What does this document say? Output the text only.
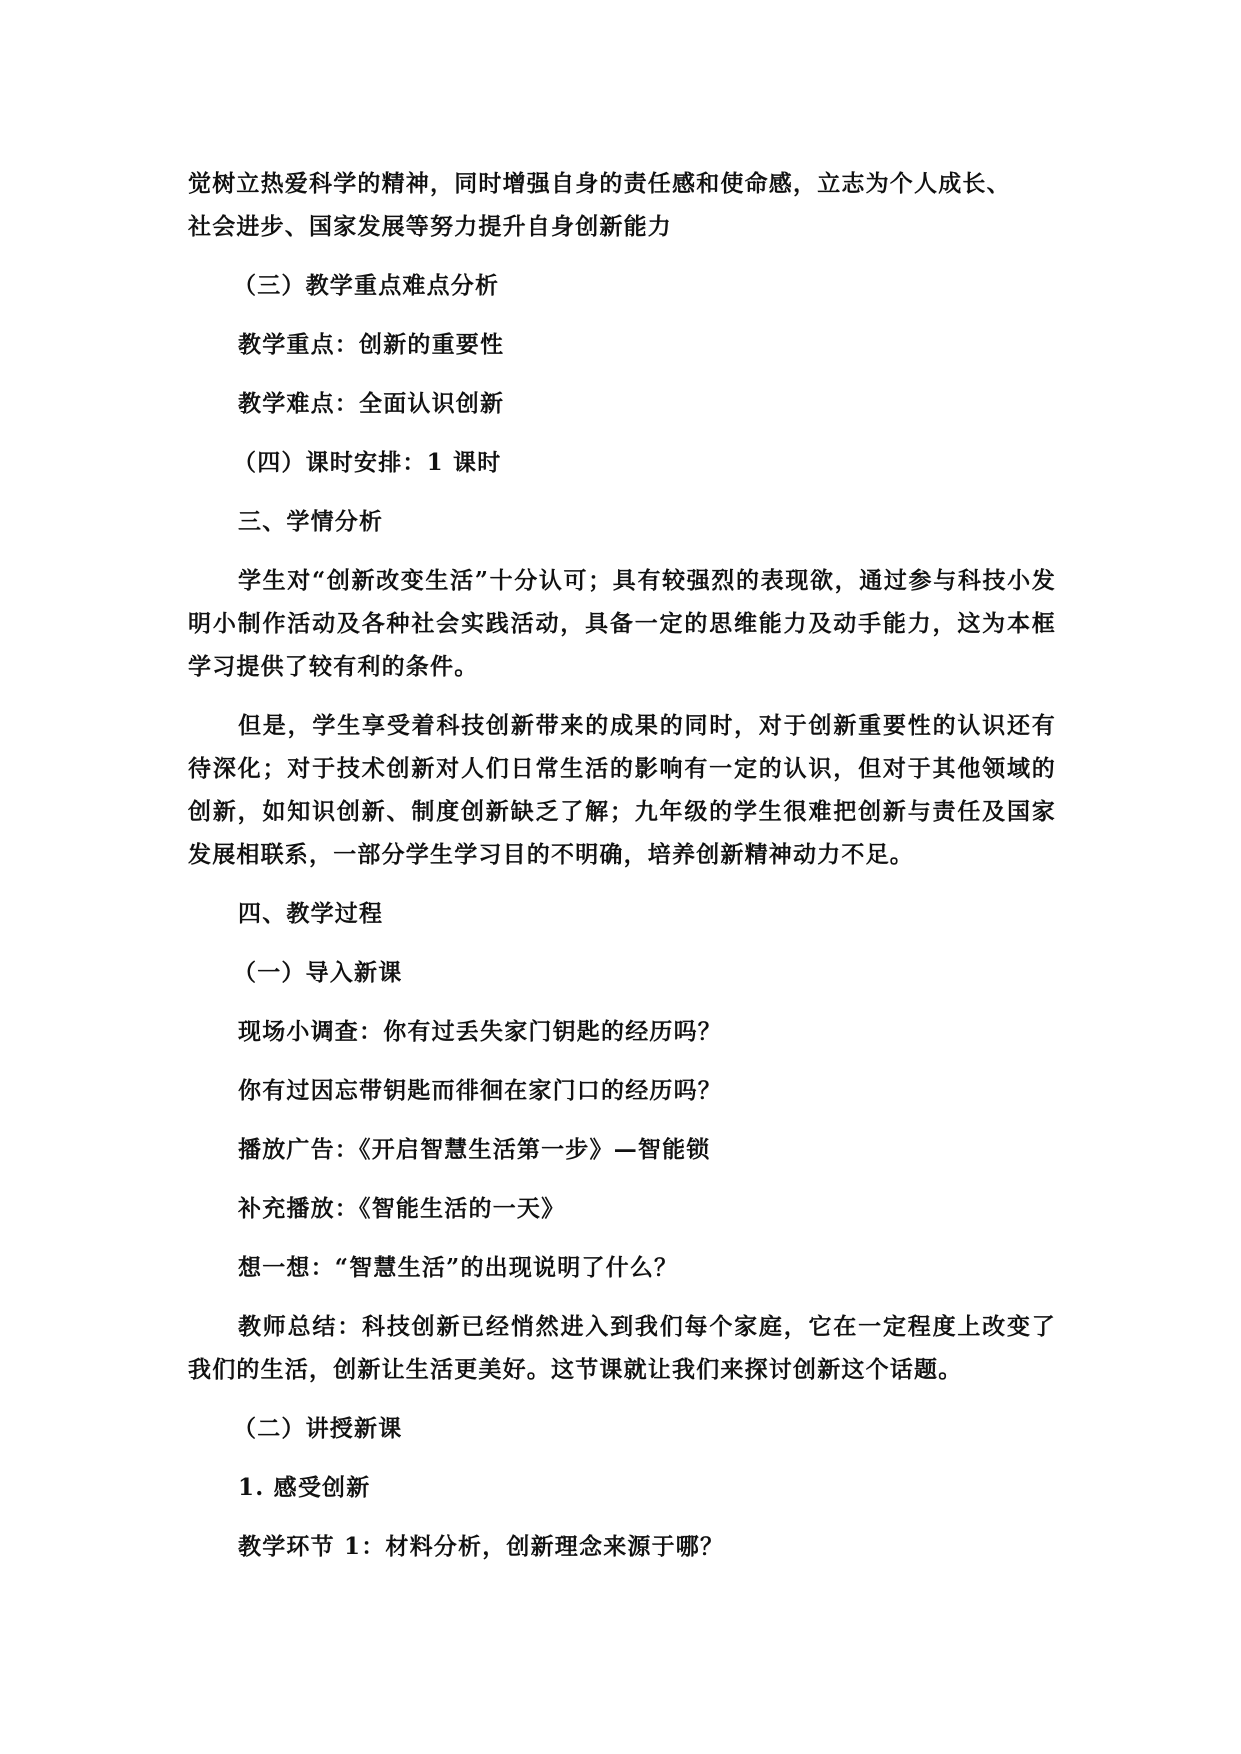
觉树立热爱科学的精神，同时增强自身的责任感和使命感，立志为个人成长、
社会进步、国家发展等努力提升自身创新能力
（三）教学重点难点分析
教学重点：创新的重要性
教学难点：全面认识创新
（四）课时安排：1 课时
三、学情分析

学生对“创新改变生活”十分认可；具有较强烈的表现欲，通过参与科技小发明小制作活动及各种社会实践活动，具备一定的思维能力及动手能力，这为本框学习提供了较有利的条件。

但是，学生享受着科技创新带来的成果的同时，对于创新重要性的认识还有待深化；对于技术创新对人们日常生活的影响有一定的认识，但对于其他领域的创新，如知识创新、制度创新缺乏了解；九年级的学生很难把创新与责任及国家发展相联系，一部分学生学习目的不明确，培养创新精神动力不足。

四、教学过程
（一）导入新课
现场小调查：你有过丢失家门钥匙的经历吗？
你有过因忘带钥匙而徘徊在家门口的经历吗？
播放广告：《开启智慧生活第一步》—智能锁
补充播放：《智能生活的一天》
想一想：“智慧生活”的出现说明了什么？

教师总结：科技创新已经悄然进入到我们每个家庭，它在一定程度上改变了我们的生活，创新让生活更美好。这节课就让我们来探讨创新这个话题。

（二）讲授新课
1. 感受创新
教学环节 1：材料分析，创新理念来源于哪？
